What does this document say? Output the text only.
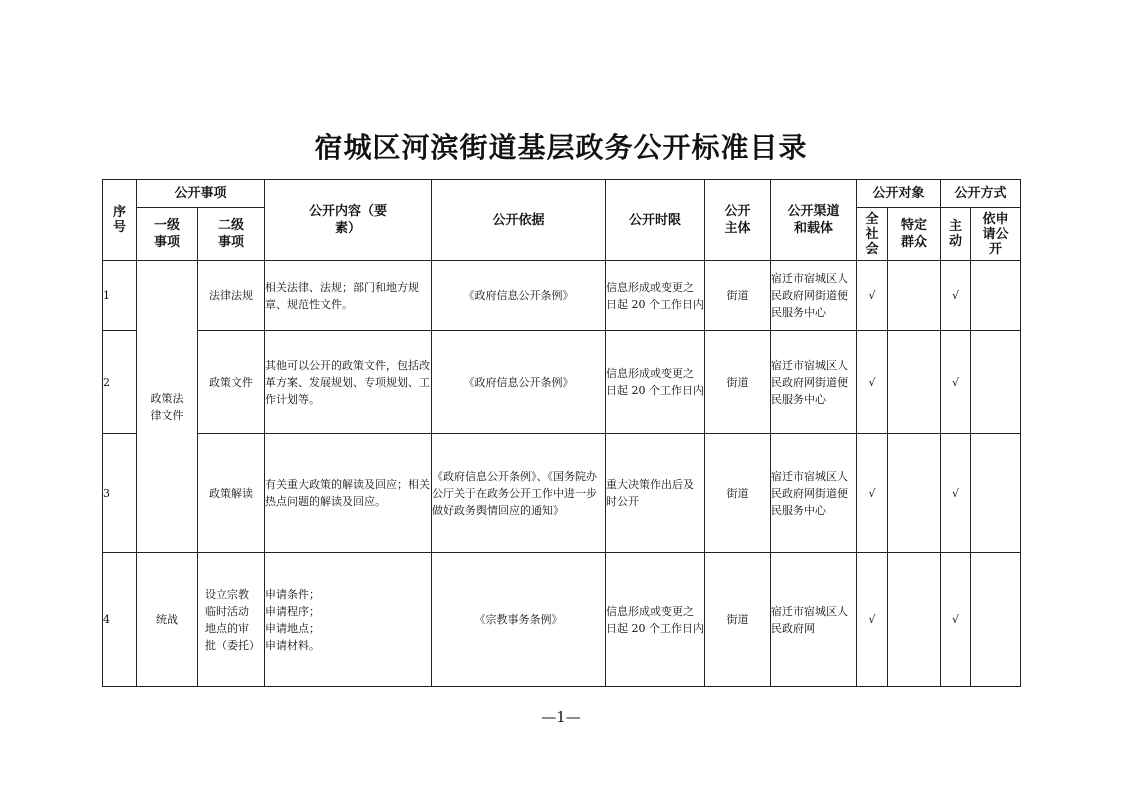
宿城区河滨街道基层政务公开标准目录
序号	公开事项		公开内容（要素）	公开依据	公开时限	公开主体	公开渠道和载体	公开对象		公开方式	

	一级事项	二级事项						全社会	特定群众	主动	依申请公开

1	政策法律文件	法律法规	相关法律、法规；部门和地方规章、规范性文件。	《政府信息公开条例》	信息形成或变更之日起 20 个工作日内	街道	宿迁市宿城区人民政府网街道便民服务中心	√		√	
2		政策文件	其他可以公开的政策文件，包括改革方案、发展规划、专项规划、工作计划等。	《政府信息公开条例》	信息形成或变更之日起 20 个工作日内	街道	宿迁市宿城区人民政府网街道便民服务中心	√		√	
3		政策解读	有关重大政策的解读及回应；相关热点问题的解读及回应。	《政府信息公开条例》、《国务院办公厅关于在政务公开工作中进一步做好政务舆情回应的通知》	重大决策作出后及时公开	街道	宿迁市宿城区人民政府网街道便民服务中心	√		√	
4	统战	设立宗教临时活动地点的审批（委托）	申请条件；申请程序；申请地点；申请材料。	《宗教事务条例》	信息形成或变更之日起 20 个工作日内	街道	宿迁市宿城区人民政府网	√		√	
—1—
